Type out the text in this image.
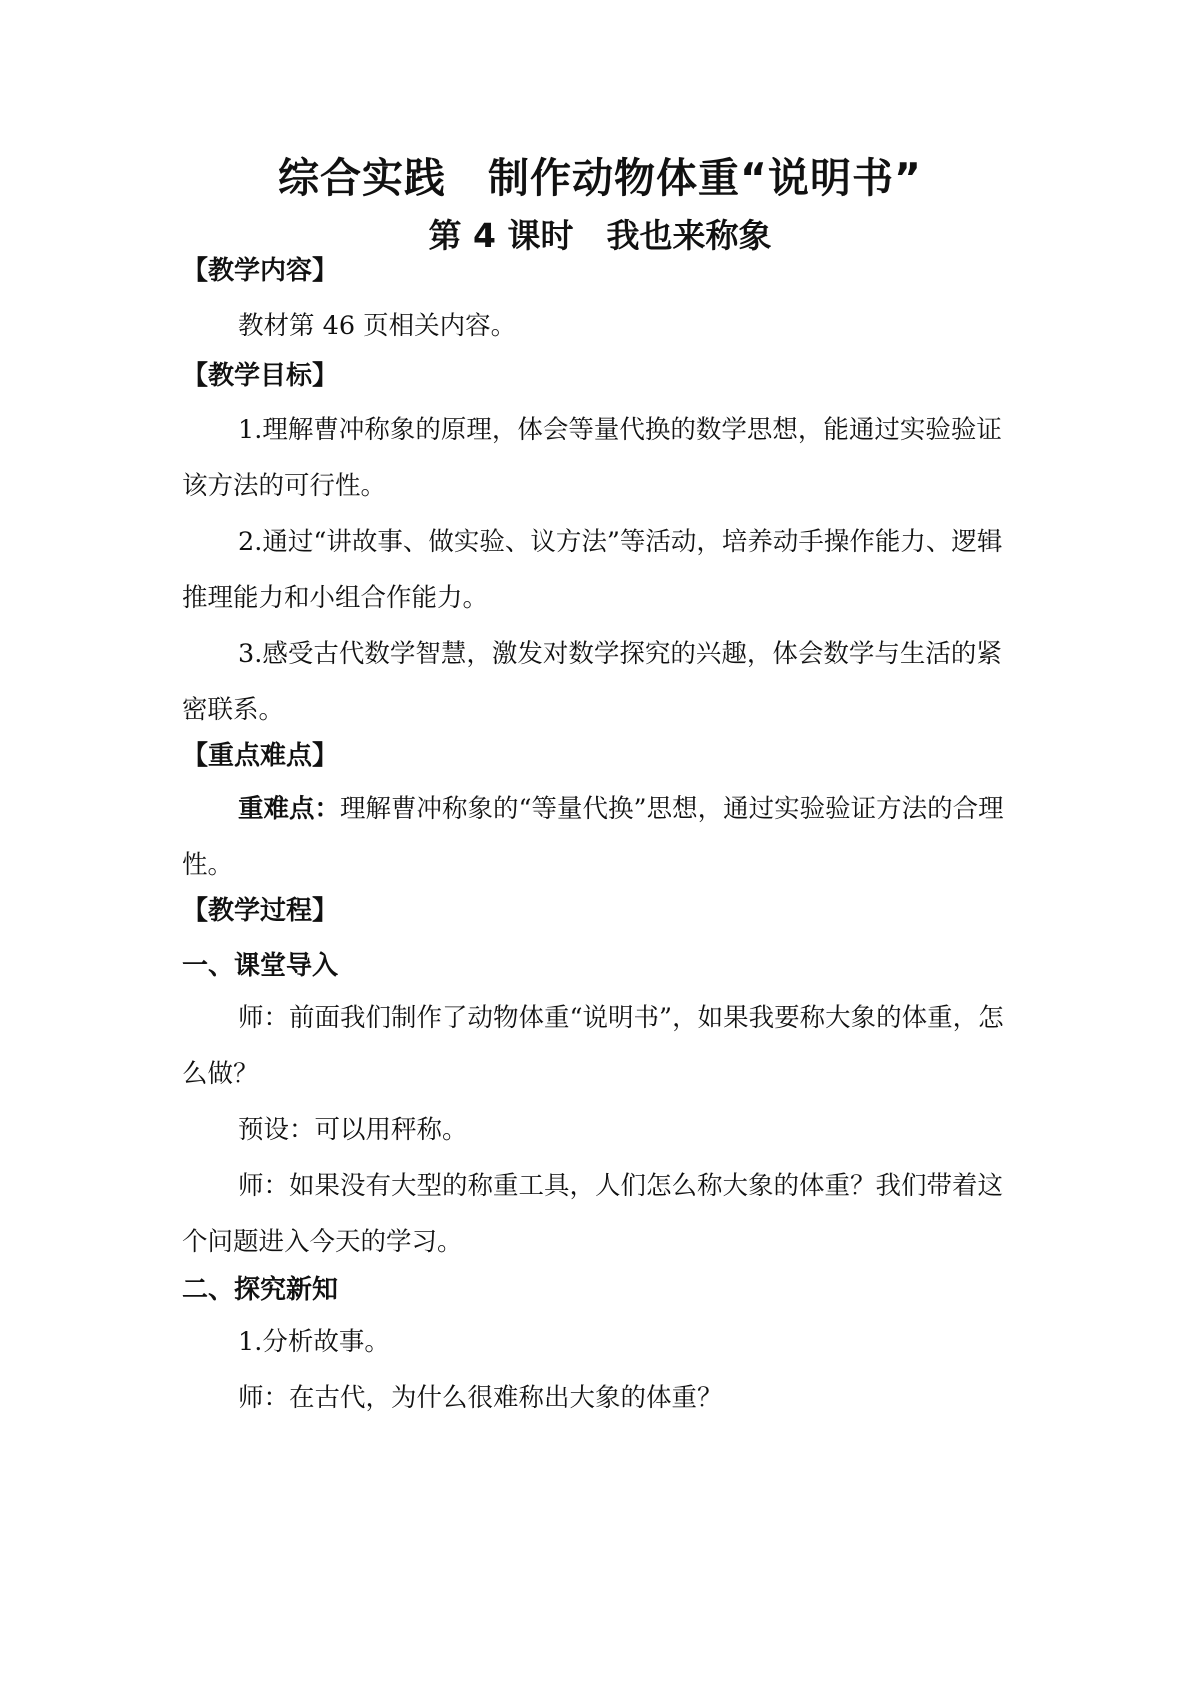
综合实践　制作动物体重“说明书”
第 4 课时　我也来称象
【教学内容】
教材第 46 页相关内容。
【教学目标】
1.理解曹冲称象的原理，体会等量代换的数学思想，能通过实验验证该方法的可行性。
2.通过“讲故事、做实验、议方法”等活动，培养动手操作能力、逻辑推理能力和小组合作能力。
3.感受古代数学智慧，激发对数学探究的兴趣，体会数学与生活的紧密联系。
【重点难点】
重难点：理解曹冲称象的“等量代换”思想，通过实验验证方法的合理性。
【教学过程】
一、课堂导入
师：前面我们制作了动物体重“说明书”，如果我要称大象的体重，怎么做？
预设：可以用秤称。
师：如果没有大型的称重工具，人们怎么称大象的体重？我们带着这个问题进入今天的学习。
二、探究新知
1.分析故事。
师：在古代，为什么很难称出大象的体重？
